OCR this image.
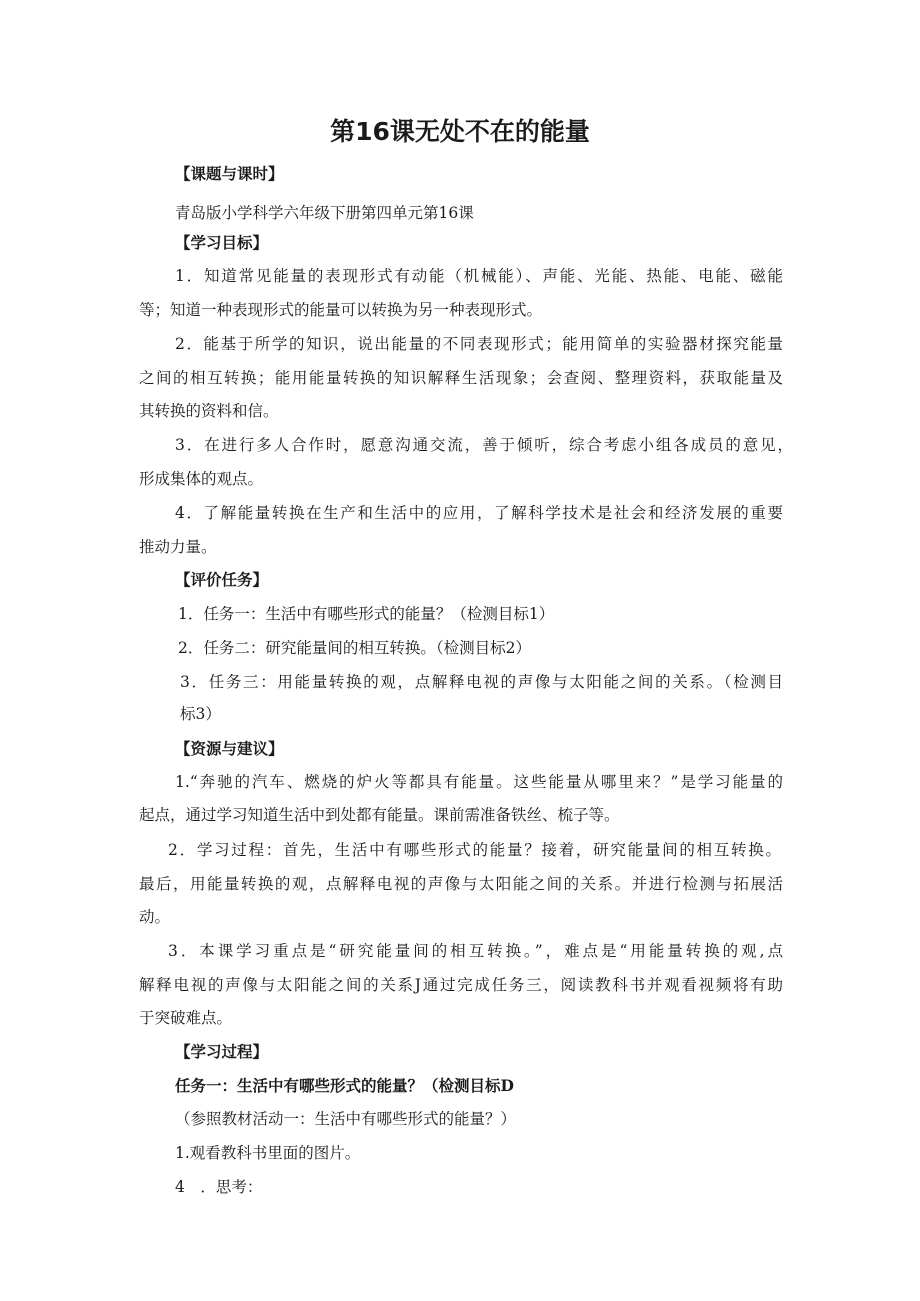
第16课无处不在的能量
【课题与课时】
青岛版小学科学六年级下册第四单元第16课
【学习目标】
1．知道常见能量的表现形式有动能（机械能）、声能、光能、热能、电能、磁能
等；知道一种表现形式的能量可以转换为另一种表现形式。
2．能基于所学的知识，说出能量的不同表现形式；能用简单的实验器材探究能量
之间的相互转换；能用能量转换的知识解释生活现象；会查阅、整理资料，获取能量及
其转换的资料和信。
3．在进行多人合作时，愿意沟通交流，善于倾听，综合考虑小组各成员的意见，
形成集体的观点。
4．了解能量转换在生产和生活中的应用，了解科学技术是社会和经济发展的重要
推动力量。
【评价任务】
1．任务一：生活中有哪些形式的能量？（检测目标1）
2．任务二：研究能量间的相互转换。（检测目标2）
3．任务三：用能量转换的观，点解释电视的声像与太阳能之间的关系。（检测目
标3）
【资源与建议】
1.“奔驰的汽车、燃烧的炉火等都具有能量。这些能量从哪里来？”是学习能量的
起点，通过学习知道生活中到处都有能量。课前需准备铁丝、梳子等。
2．学习过程：首先，生活中有哪些形式的能量？接着，研究能量间的相互转换。
最后，用能量转换的观，点解释电视的声像与太阳能之间的关系。并进行检测与拓展活
动。
3．本课学习重点是“研究能量间的相互转换。”，难点是“用能量转换的观,点
解释电视的声像与太阳能之间的关系J通过完成任务三，阅读教科书并观看视频将有助
于突破难点。
【学习过程】
任务一：生活中有哪些形式的能量？（检测目标D
（参照教材活动一：生活中有哪些形式的能量？）
1.观看教科书里面的图片。
4　．思考：
